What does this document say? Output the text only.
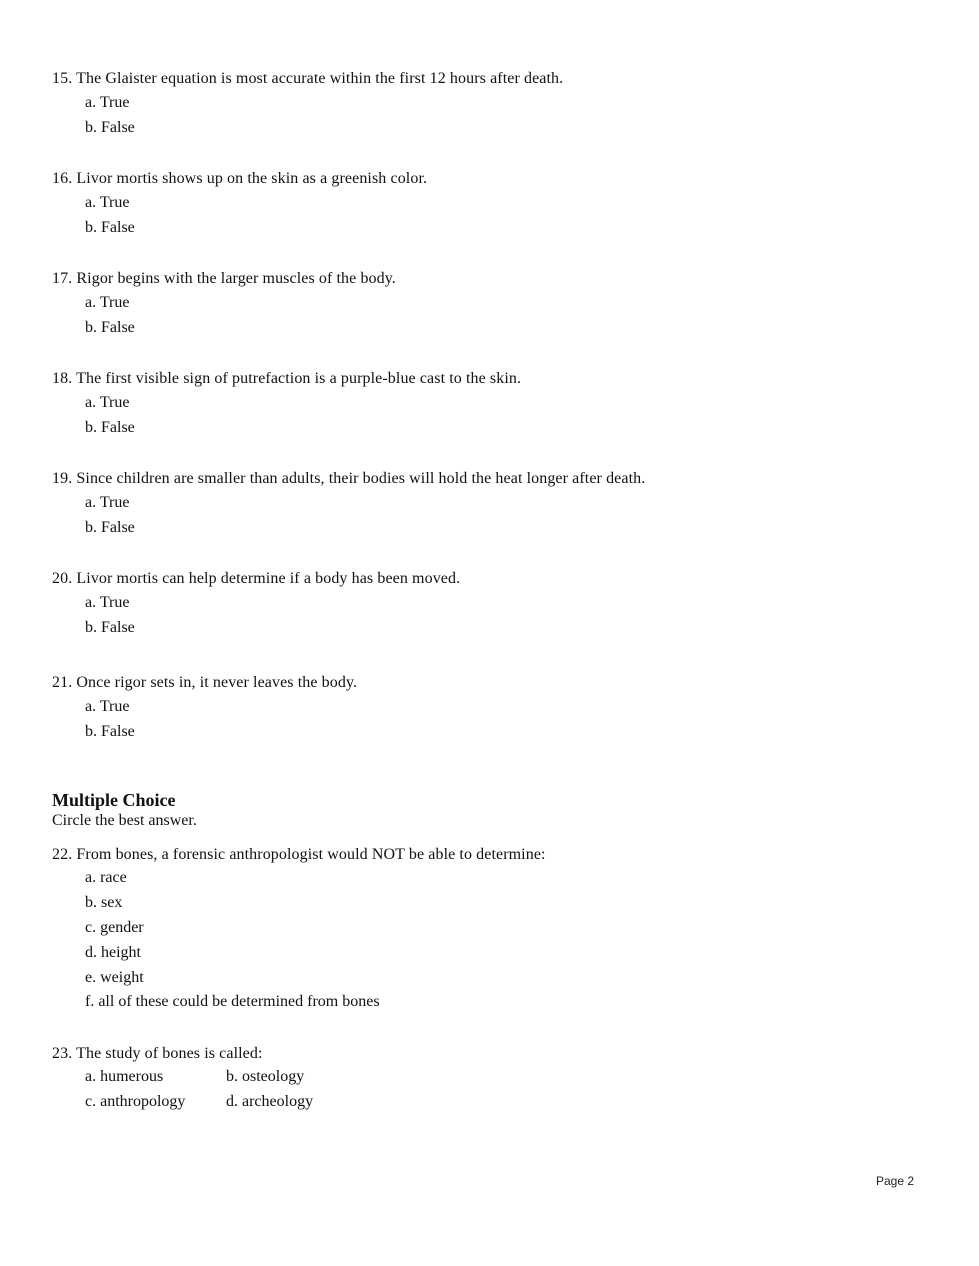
15. The Glaister equation is most accurate within the first 12 hours after death.
a. True
b. False
16. Livor mortis shows up on the skin as a greenish color.
a. True
b. False
17. Rigor begins with the larger muscles of the body.
a. True
b. False
18. The first visible sign of putrefaction is a purple-blue cast to the skin.
a. True
b. False
19. Since children are smaller than adults, their bodies will hold the heat longer after death.
a. True
b. False
20. Livor mortis can help determine if a body has been moved.
a. True
b. False
21. Once rigor sets in, it never leaves the body.
a. True
b. False
Multiple Choice
Circle the best answer.
22. From bones, a forensic anthropologist would NOT be able to determine:
a. race
b. sex
c. gender
d. height
e. weight
f. all of these could be determined from bones
23. The study of bones is called:
a. humerous	b. osteology
c. anthropology	d. archeology
Page 2
